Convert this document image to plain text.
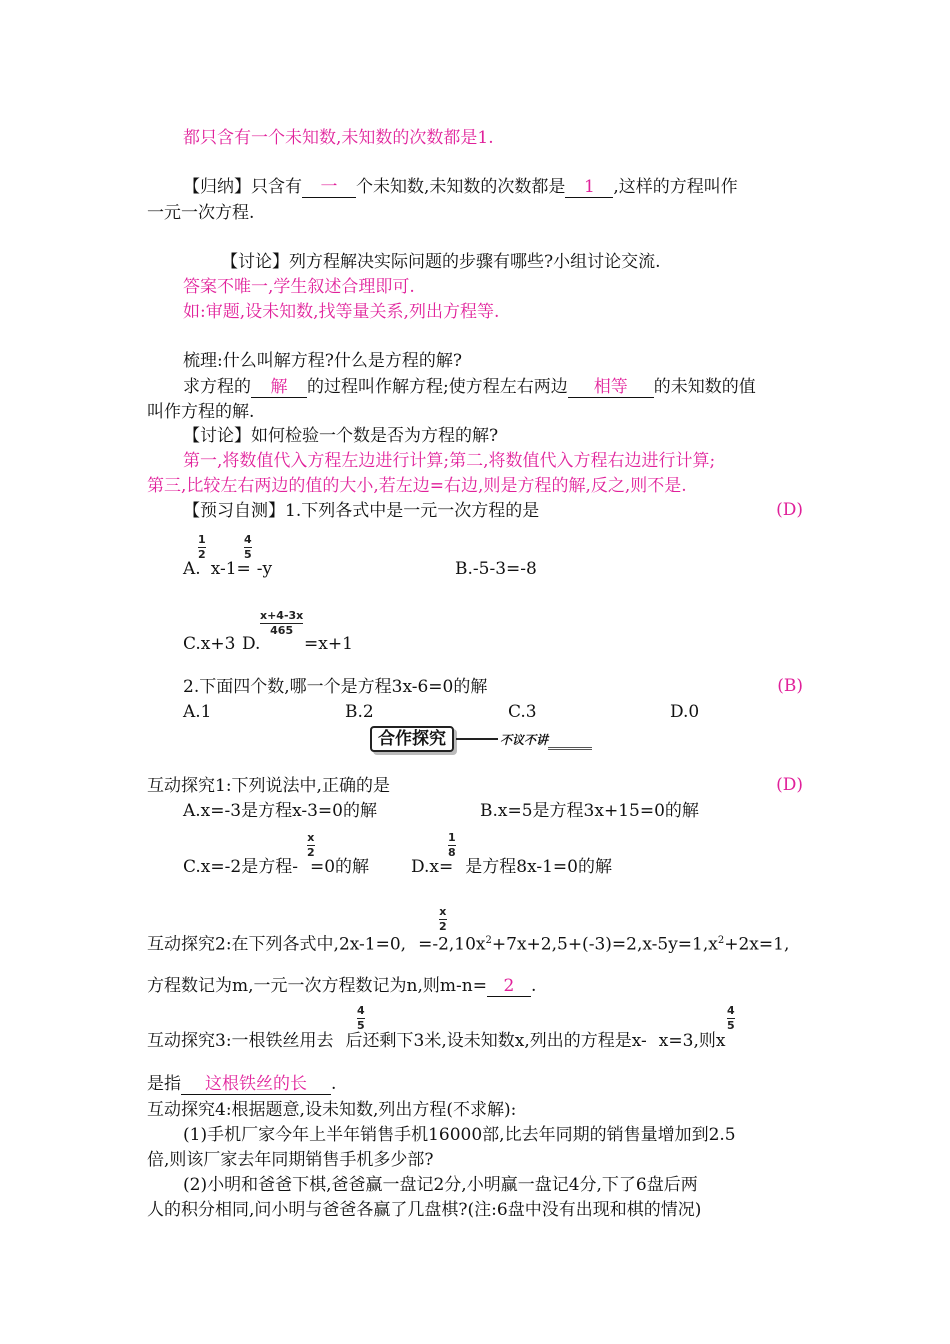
都只含有一个未知数,未知数的次数都是1.
【归纳】只含有 一 个未知数,未知数的次数都是 1 ,这样的方程叫作
一元一次方程.
【讨论】列方程解决实际问题的步骤有哪些?小组讨论交流.
答案不唯一,学生叙述合理即可.
如:审题,设未知数,找等量关系,列出方程等.
梳理:什么叫解方程?什么是方程的解?
求方程的 解 的过程叫作解方程;使方程左右两边 相等 的未知数的值
叫作方程的解.
【讨论】如何检验一个数是否为方程的解?
第一,将数值代入方程左边进行计算;第二,将数值代入方程右边进行计算;
第三,比较左右两边的值的大小,若左边=右边,则是方程的解,反之,则不是.
【预习自测】1.下列各式中是一元一次方程的是	(D)
1
2
4
5
A. x-1= -y	B.-5-3=-8
C.x+3
x+4-3x
465
D.	=x+1
2.下面四个数,哪一个是方程3x-6=0的解	(B)
A.1	B.2	C.3	D.0
合作探究	不议不讲
互动探究1:下列说法中,正确的是	(D)
A.x=-3是方程x-3=0的解	B.x=5是方程3x+15=0的解
x
2
1
8
C.x=-2是方程- =0的解 D.x= 是方程8x-1=0的解
x
2
互动探究2:在下列各式中,2x-1=0, $=-2,10x^2+7x+2,5+(-3)=2,x-5y=1,x^2+2x=1$,
方程数记为m,一元一次方程数记为n,则m-n= 2 .
4
5
4
5
互动探究3:一根铁丝用去 后还剩下3米,设未知数x,列出的方程是x- x=3,则x
是指 这根铁丝的长 .
互动探究4:根据题意,设未知数,列出方程(不求解):
(1)手机厂家今年上半年销售手机16000部,比去年同期的销售量增加到2.5
倍,则该厂家去年同期销售手机多少部?
(2)小明和爸爸下棋,爸爸赢一盘记2分,小明赢一盘记4分,下了6盘后两
人的积分相同,问小明与爸爸各赢了几盘棋?(注:6盘中没有出现和棋的情况)
